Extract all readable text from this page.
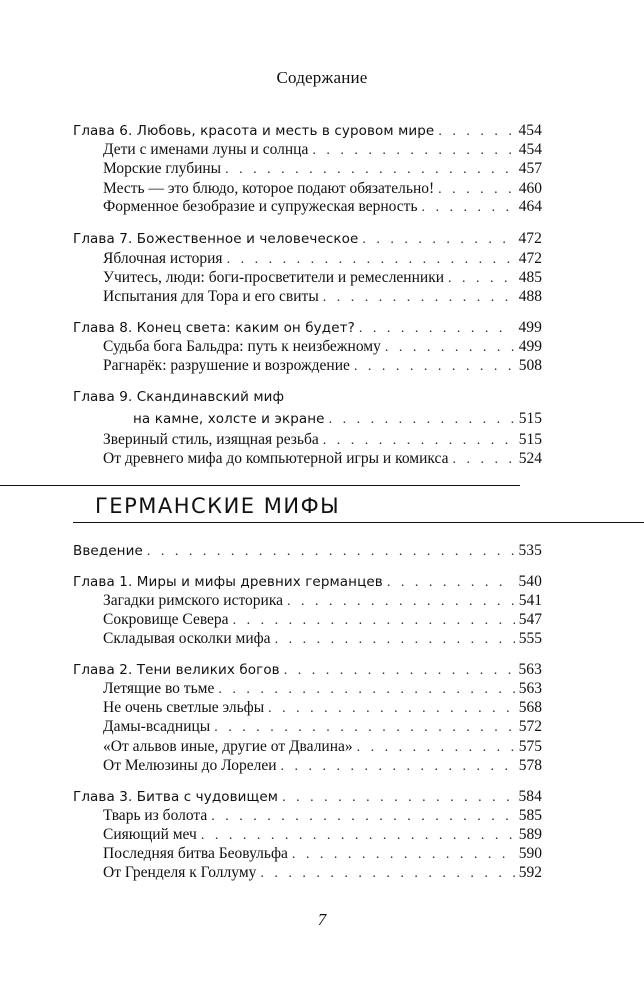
Содержание
Глава 6. Любовь, красота и месть в суровом мире . . .	454
Дети с именами луны и солнца . . .	454
Морские глубины . . .	457
Месть — это блюдо, которое подают обязательно! . . .	460
Форменное безобразие и супружеская верность . . .	464
Глава 7. Божественное и человеческое . . .	472
Яблочная история . . .	472
Учитесь, люди: боги-просветители и ремесленники . . .	485
Испытания для Тора и его свиты . . .	488
Глава 8. Конец света: каким он будет? . . .	499
Судьба бога Бальдра: путь к неизбежному . . .	499
Рагнарёк: разрушение и возрождение . . .	508
Глава 9. Скандинавский миф
на камне, холсте и экране . . .	515
Звериный стиль, изящная резьба . . .	515
От древнего мифа до компьютерной игры и комикса . . .	524
ГЕРМАНСКИЕ МИФЫ
Введение . . .	535
Глава 1. Миры и мифы древних германцев . . .	540
Загадки римского историка . . .	541
Сокровище Севера . . .	547
Складывая осколки мифа . . .	555
Глава 2. Тени великих богов . . .	563
Летящие во тьме . . .	563
Не очень светлые эльфы . . .	568
Дамы-всадницы . . .	572
«От альвов иные, другие от Двалина» . . .	575
От Мелюзины до Лорелеи . . .	578
Глава 3. Битва с чудовищем . . .	584
Тварь из болота . . .	585
Сияющий меч . . .	589
Последняя битва Беовульфа . . .	590
От Гренделя к Голлуму . . .	592
7
